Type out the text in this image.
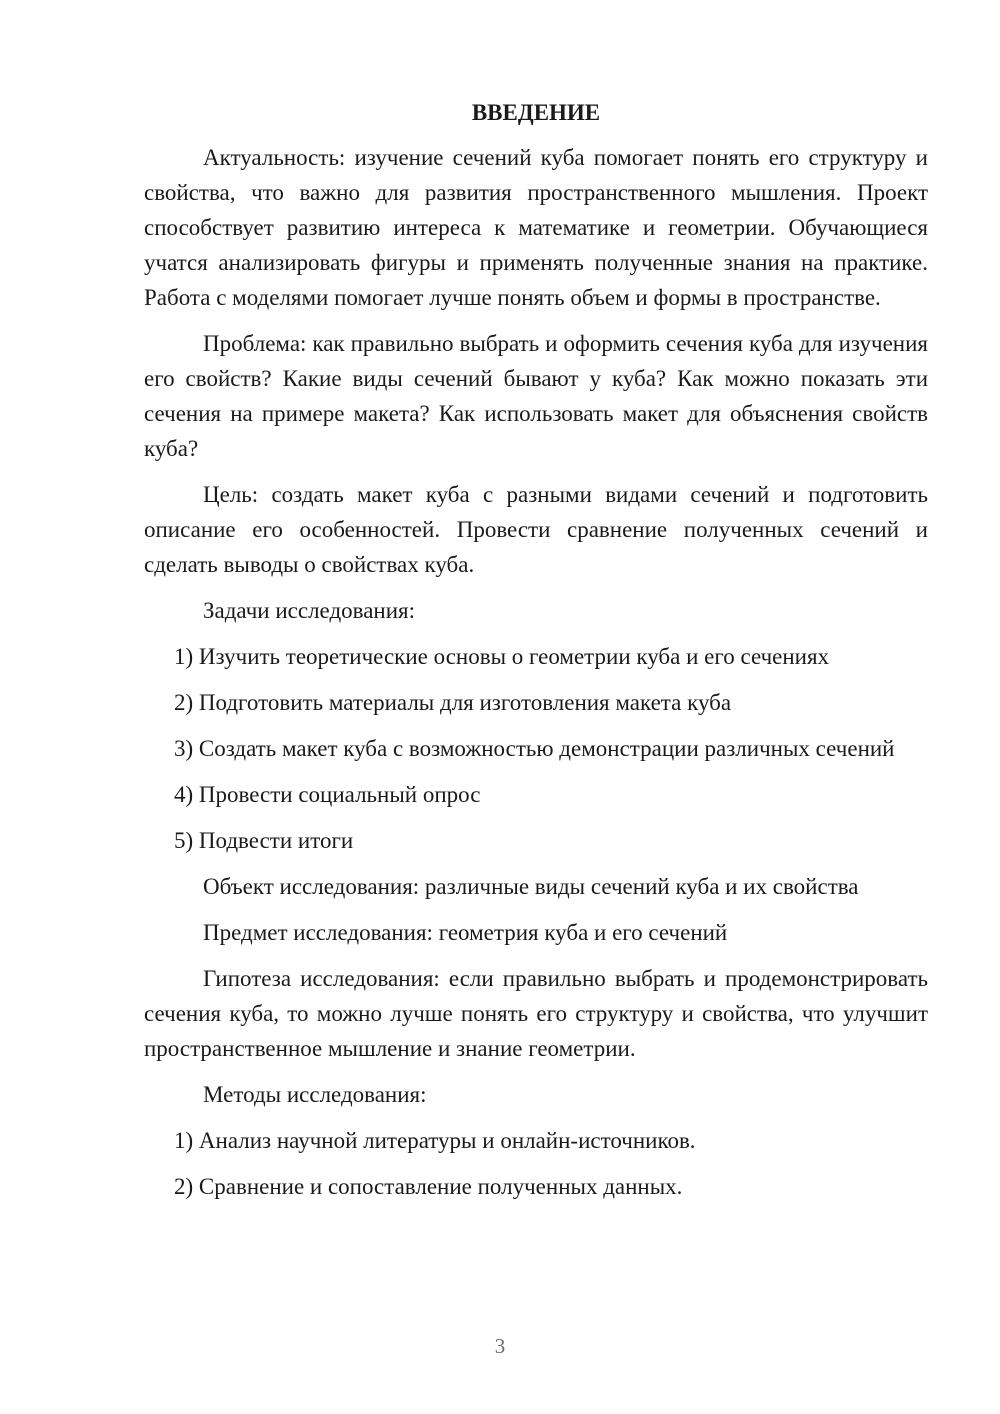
ВВЕДЕНИЕ

Актуальность: изучение сечений куба помогает понять его структуру и свойства, что важно для развития пространственного мышления. Проект способствует развитию интереса к математике и геометрии. Обучающиеся учатся анализировать фигуры и применять полученные знания на практике. Работа с моделями помогает лучше понять объем и формы в пространстве.

Проблема: как правильно выбрать и оформить сечения куба для изучения его свойств? Какие виды сечений бывают у куба? Как можно показать эти сечения на примере макета? Как использовать макет для объяснения свойств куба?

Цель: создать макет куба с разными видами сечений и подготовить описание его особенностей. Провести сравнение полученных сечений и сделать выводы о свойствах куба.

Задачи исследования:

1) Изучить теоретические основы о геометрии куба и его сечениях

2) Подготовить материалы для изготовления макета куба

3) Создать макет куба с возможностью демонстрации различных сечений

4) Провести социальный опрос

5) Подвести итоги

Объект исследования: различные виды сечений куба и их свойства

Предмет исследования: геометрия куба и его сечений

Гипотеза исследования: если правильно выбрать и продемонстрировать сечения куба, то можно лучше понять его структуру и свойства, что улучшит пространственное мышление и знание геометрии.

Методы исследования:

1) Анализ научной литературы и онлайн-источников.

2) Сравнение и сопоставление полученных данных.

3
